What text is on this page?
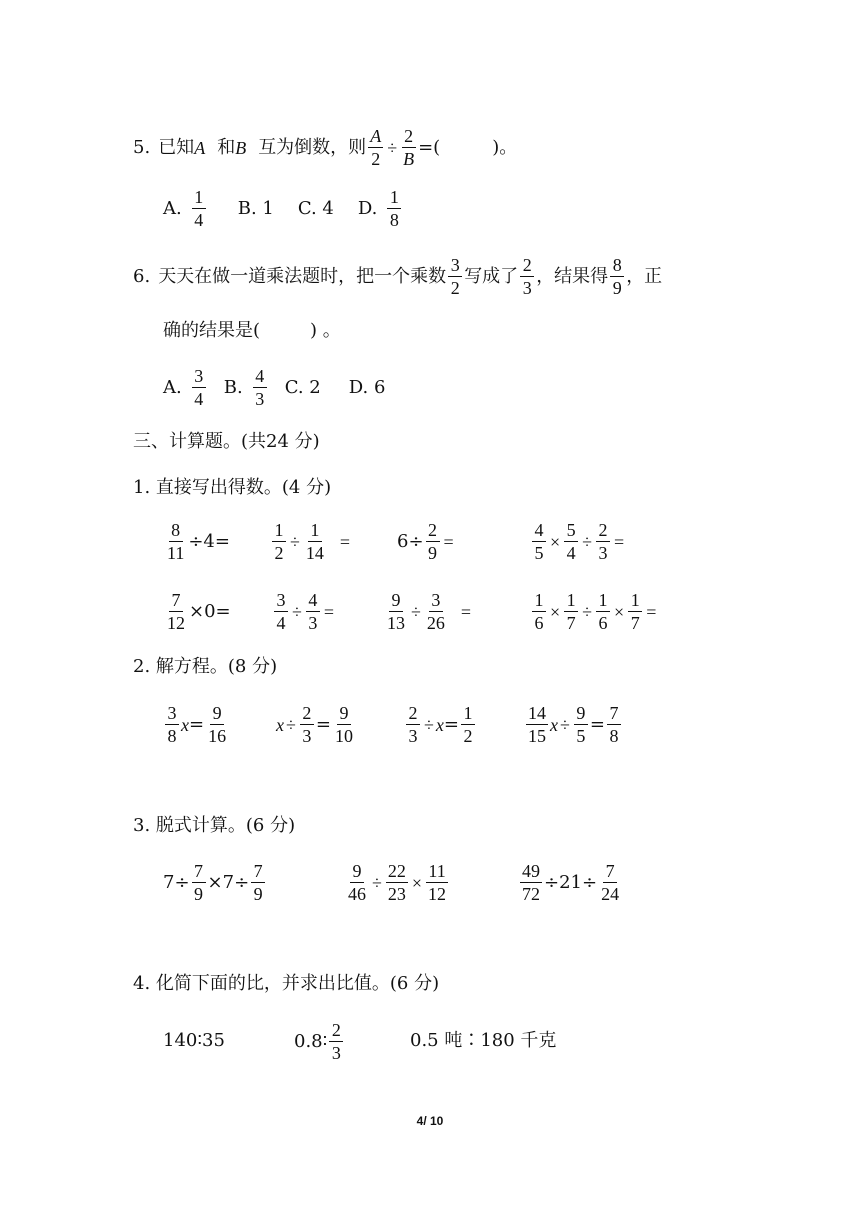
5. 已知 A 和 B 互为倒数，则 $\frac{A}{2} \div \frac{2}{B}$ =(	)。
A. $\frac{1}{4} B$. 1 C. 4 D. $\frac{1}{8}$
6. 天天在做一道乘法题时，把一个乘数 $\frac{3}{2}$ 写成了 $\frac{2}{3}$ ，结果得 $\frac{8}{9}$ ，正
确的结果是(	) 。
A. $\frac{3}{4} B$. $\frac{4}{3} C$. 2 D. 6
三、计算题。(共24 分)
1. 直接写出得数。(4 分)
$\frac{8}{11} \div 4= \frac{1}{2} \div \frac{1}{14}$ =	$6\div \frac{2}{9}$ =	$\frac{4}{5} \times \frac{5}{4} \div \frac{2}{3}$ =
$\frac{7}{12} \times 0= \frac{3}{4} \div \frac{4}{3}$ =	$\frac{9}{13} \div \frac{3}{26}$ =	$\frac{1}{6} \times \frac{1}{7} \div \frac{1}{6} \times \frac{1}{7}$ =
2. 解方程。(8 分)
$\frac{3}{8}$ $x = \frac{9}{16}$	$x \div \frac{2}{3} = \frac{9}{10}$	$\frac{2}{3} \div x = \frac{1}{2}$	$\frac{14}{15}$ $x \div \frac{9}{5} = \frac{7}{8}$
3. 脱式计算。(6 分)
$7\div \frac{7}{9} \times 7\div \frac{7}{9}$	$\frac{9}{46} \div \frac{22}{23} \times \frac{11}{12}$	$\frac{49}{72} \div 21\div \frac{7}{24}$
4. 化简下面的比，并求出比值。(6 分)
140∶35	0.8∶ $\frac{2}{3}$	0.5 吨∶180 千克
4/ 10
